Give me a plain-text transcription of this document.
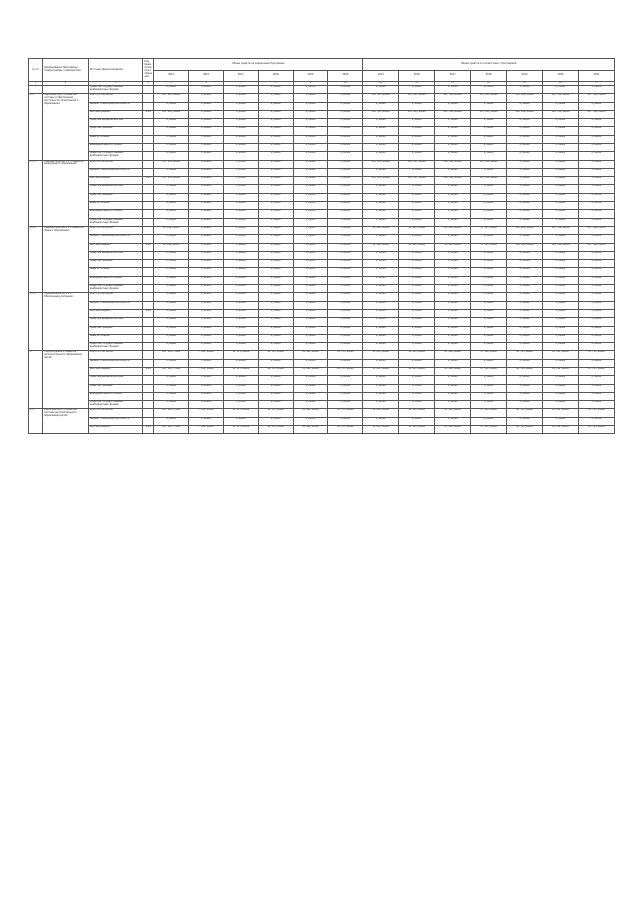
№ пп	Наименование Программы / подпрограммы / мероприятия	Источник финансирования	Код бюджетной классификации	Объем средств на реализацию Программы						Объем средств в соответствии с Программой						
				2015	2016	2017	2018	2019	2020	2015	2016	2017	2018	2019	2020	2021
1	2	3	4	5	6	7	8	9	10	11	12	13	14	15	16	17
		Средства государственных внебюджетных фондов		0,00000	0,00000	0,00000	0,00000	0,00000	0,00000	0,00000	0,00000	0,00000	0,00000	0,00000	0,00000	0,00000
1.1	Мероприятие 1.1 Развитие системы и обеспечение доступности качественного образования	Всего, в том числе:		123 683,00000	0,00000	0,00000	0,00000	0,00000	0,00000	143 534,00000	235 623,00000	247 550,00000	253 913,00000	110 228,00000	118 718,00000	117 398,00000
		бюджет Новосибирской области		0,00000	0,00000	0,00000	0,00000	0,00000	0,00000	0,00000	0,00000	0,00000	0,00000	0,00000	0,00000	0,00000
		местный бюджет	0,00	123 683,00000	0,00000	0,00000	0,00000	0,00000	0,00000	143 534,00000	235 623,00000	247 550,00000	253 913,00000	110 228,00000	118 718,00000	117 398,00000
		средства юридических лиц		0,00000	0,00000	0,00000	0,00000	0,00000	0,00000	0,00000	0,00000	0,00000	0,00000	0,00000	0,00000	0,00000
		средства граждан		0,00000	0,00000	0,00000	0,00000	0,00000	0,00000	0,00000	0,00000	0,00000	0,00000	0,00000	0,00000	0,00000
		иные источники		0,00000	0,00000	0,00000	0,00000	0,00000	0,00000	0,00000	0,00000	0,00000	0,00000	0,00000	0,00000	0,00000
		внебюджетные источники		0,00000	0,00000	0,00000	0,00000	0,00000	0,00000	0,00000	0,00000	0,00000	0,00000	0,00000	0,00000	0,00000
		Средства государственных внебюджетных фондов		0,00000	0,00000	0,00000	0,00000	0,00000	0,00000	0,00000	0,00000	0,00000	0,00000	0,00000	0,00000	0,00000
1.1.1	Подмероприятие 1.1.1 Развитие дошкольного образования	Всего, в том числе:		113 254,00000	0,00000	0,00000	0,00000	0,00000	0,00000	113 254,00000	181 127,00000	183 410,00000	178 320,00000	0,00000	0,00000	0,00000
		бюджет Новосибирской области		0,00000	0,00000	0,00000	0,00000	0,00000	0,00000	0,00000	0,00000	0,00000	0,00000	0,00000	0,00000	0,00000
		местный бюджет	0,00	113 254,00000	0,00000	0,00000	0,00000	0,00000	0,00000	113 254,00000	181 127,00000	183 410,00000	178 320,00000	0,00000	0,00000	0,00000
		средства юридических лиц		0,00000	0,00000	0,00000	0,00000	0,00000	0,00000	0,00000	0,00000	0,00000	0,00000	0,00000	0,00000	0,00000
		средства граждан		0,00000	0,00000	0,00000	0,00000	0,00000	0,00000	0,00000	0,00000	0,00000	0,00000	0,00000	0,00000	0,00000
		иные источники		0,00000	0,00000	0,00000	0,00000	0,00000	0,00000	0,00000	0,00000	0,00000	0,00000	0,00000	0,00000	0,00000
		внебюджетные источники		0,00000	0,00000	0,00000	0,00000	0,00000	0,00000	0,00000	0,00000	0,00000	0,00000	0,00000	0,00000	0,00000
		Средства государственных внебюджетных фондов		0,00000	0,00000	0,00000	0,00000	0,00000	0,00000	0,00000	0,00000	0,00000	0,00000	0,00000	0,00000	0,00000
1.1.2	Подмероприятие 1.1.2 Развитие общего образования	Всего, в том числе:		10 429,00000	0,00000	0,00000	0,00000	0,00000	0,00000	30 280,00000	54 496,00000	64 140,00000	75 593,00000	110 228,00000	118 718,00000	117 398,00000
		бюджет Новосибирской области		0,00000	0,00000	0,00000	0,00000	0,00000	0,00000	0,00000	0,00000	0,00000	0,00000	0,00000	0,00000	0,00000
		местный бюджет	0,00	10 429,00000	0,00000	0,00000	0,00000	0,00000	0,00000	30 280,00000	54 496,00000	64 140,00000	75 593,00000	110 228,00000	118 718,00000	117 398,00000
		средства юридических лиц		0,00000	0,00000	0,00000	0,00000	0,00000	0,00000	0,00000	0,00000	0,00000	0,00000	0,00000	0,00000	0,00000
		средства граждан		0,00000	0,00000	0,00000	0,00000	0,00000	0,00000	0,00000	0,00000	0,00000	0,00000	0,00000	0,00000	0,00000
		иные источники		0,00000	0,00000	0,00000	0,00000	0,00000	0,00000	0,00000	0,00000	0,00000	0,00000	0,00000	0,00000	0,00000
		внебюджетные источники		0,00000	0,00000	0,00000	0,00000	0,00000	0,00000	0,00000	0,00000	0,00000	0,00000	0,00000	0,00000	0,00000
		Средства государственных внебюджетных фондов		0,00000	0,00000	0,00000	0,00000	0,00000	0,00000	0,00000	0,00000	0,00000	0,00000	0,00000	0,00000	0,00000
1.1.3	Подмероприятие 1.1.3 Обеспечение питанием	Всего, в том числе:		0,00000	0,00000	0,00000	0,00000	0,00000	0,00000	0,00000	0,00000	0,00000	0,00000	0,00000	0,00000	0,00000
		бюджет Новосибирской области		0,00000	0,00000	0,00000	0,00000	0,00000	0,00000	0,00000	0,00000	0,00000	0,00000	0,00000	0,00000	0,00000
		местный бюджет	0,00	0,00000	0,00000	0,00000	0,00000	0,00000	0,00000	0,00000	0,00000	0,00000	0,00000	0,00000	0,00000	0,00000
		средства юридических лиц		0,00000	0,00000	0,00000	0,00000	0,00000	0,00000	0,00000	0,00000	0,00000	0,00000	0,00000	0,00000	0,00000
		средства граждан		0,00000	0,00000	0,00000	0,00000	0,00000	0,00000	0,00000	0,00000	0,00000	0,00000	0,00000	0,00000	0,00000
		иные источники		0,00000	0,00000	0,00000	0,00000	0,00000	0,00000	0,00000	0,00000	0,00000	0,00000	0,00000	0,00000	0,00000
		Средства государственных внебюджетных фондов		0,00000	0,00000	0,00000	0,00000	0,00000	0,00000	0,00000	0,00000	0,00000	0,00000	0,00000	0,00000	0,00000
2	Подпрограмма 2 Развитие дополнительного образования детей	Всего, в том числе:		105 116,77000	7 222,00000	12 275,00000	16 353,00000	12 400,00000	12 173,00000	11 613,00000	14 430,00000	21 200,00000	17 500,00000	18 723,00000	19 112,00000	19 723,00000
		бюджет Новосибирской области		0,00000	0,00000	0,00000	0,00000	0,00000	0,00000	0,00000	0,00000	0,00000	0,00000	0,00000	0,00000	0,00000
		местный бюджет	0,00	105 116,77000	7 222,00000	12 275,00000	16 353,00000	12 400,00000	12 173,00000	11 613,00000	14 430,00000	21 200,00000	17 500,00000	18 723,00000	19 112,00000	19 723,00000
		средства юридических лиц		0,00000	0,00000	0,00000	0,00000	0,00000	0,00000	0,00000	0,00000	0,00000	0,00000	0,00000	0,00000	0,00000
		средства граждан		0,00000	0,00000	0,00000	0,00000	0,00000	0,00000	0,00000	0,00000	0,00000	0,00000	0,00000	0,00000	0,00000
		внебюджетные источники		0,00000	0,00000	0,00000	0,00000	0,00000	0,00000	0,00000	0,00000	0,00000	0,00000	0,00000	0,00000	0,00000
		Средства государственных внебюджетных фондов		0,00000	0,00000	0,00000	0,00000	0,00000	0,00000	0,00000	0,00000	0,00000	0,00000	0,00000	0,00000	0,00000
2.1	Мероприятие 2.1 Развитие системы дополнительного образования детей	Всего, в том числе:		105 116,77000	7 222,00000	12 275,00000	16 353,00000	12 400,00000	12 173,00000	11 613,00000	14 430,00000	21 200,00000	17 500,00000	18 723,00000	19 112,00000	19 723,00000
		бюджет Новосибирской области		0,00000	0,00000	0,00000	0,00000	0,00000	0,00000	0,00000	0,00000	0,00000	0,00000	0,00000	0,00000	0,00000
		местный бюджет	0,00	105 116,77000	7 222,00000	12 275,00000	16 353,00000	12 400,00000	12 173,00000	11 613,00000	14 430,00000	21 200,00000	17 500,00000	18 723,00000	19 112,00000	19 723,00000
